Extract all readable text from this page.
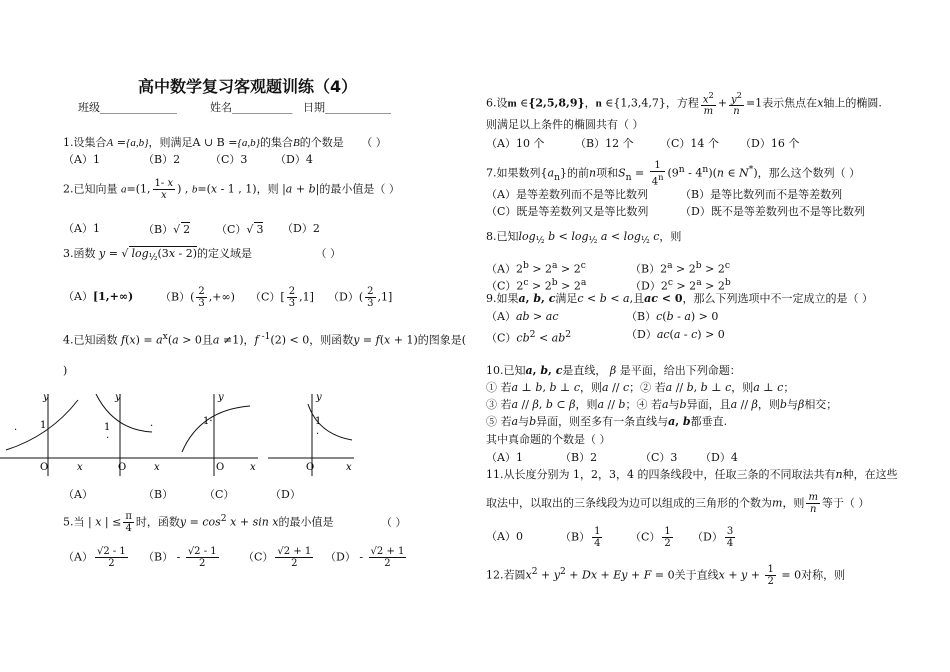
高中数学复习客观题训练（4）
班级______________	姓名___________ 日期____________
1.设集合A ={a,b}，则满足A ∪ B ={a,b}的集合B的个数是 （ ）
（A）1	（B）2	（C）3	（D）4
2.已知向量 a=(1, $\frac{1- x}{x}$ ) , b=(x - 1 , 1)，则 |a + b|的最小值是（ ）
（A）1	（B）√ 2 （C）√ 3 （D）2
3.函数 y = √ $\log_{\frac{1}{2}}(3x - 2)$的定义域是	（ ）
（A）[1,+∞) $(B)( \frac{2}{3}$ ,+∞) $(C)[ \frac{2}{3} ,1]$ $(D)( \frac{2}{3} ,1]$
4.已知函数 $f(x) = a^x(a > 0$且a ≠1)，f $^{-1}$(2) < 0，则函数y = f(x + 1)的图象是(
)
y
x
O
1
.
y
x
O
1
.
.
y
x
O
1·
y
x
O
1
.
（A）	（B）	（C）	（D）
5.当 | x | ≤ $\frac{\pi}{4}$ 时，函数$y = \cos^2 x + \sin x$的最小值是	（ ）
$(A) \frac{√2 - 1}{2} (B) - \frac{√2 - 1}{2} (C) \frac{√2 + 1}{2} (D) - \frac{√2 + 1}{2}$
6.设m ∈{2,5,8,9}，n ∈{1,3,4,7}，方程 $\frac{x^2}{m} + \frac{y^2}{n} =1$表示焦点在x轴上的椭圆.
则满足以上条件的椭圆共有（ ）
（A）10 个	（B）12 个 （C）14 个 （D）16 个
7.如果数列$\{a_n\}$的前n项和$S_n = \frac{1}{4^n} (9^n - 4^n)(n$ ∈ N*)，那么这个数列（ ）
（A）是等差数列而不是等比数列	（B）是等比数列而不是等差数列
（C）既是等差数列又是等比数列	（D）既不是等差数列也不是等比数列
8.已知$\log_{\frac{1}{2}} b < \log_{\frac{1}{2}} a < \log_{\frac{1}{2}} c$，则
$(A)2^b > 2^a > 2^c$	$(B)2^a > 2^b > 2^c$
$(C)2^c > 2^b > 2^a$	$(D)2^c > 2^a > 2^b$
9.如果a, b, c满足c < b < a,且ac < 0，那么下列选项中不一定成立的是（ ）
（A）ab > ac	（B）c(b - a) > 0
$(C)cb^2 < ab^2$	（D）ac(a - c) > 0
10.已知a, b, c是直线， β 是平面，给出下列命题：
① 若a ⊥ b, b ⊥ c，则a // c；② 若a // b, b ⊥ c，则a ⊥ c；
③ 若a // β, b ⊂ β，则a // b；④ 若a与b异面，且a // β，则b与β相交；
⑤ 若a与b异面，则至多有一条直线与a, b都垂直.
其中真命题的个数是（ ）
（A）1	（B）2	（C）3 （D）4
11.从长度分别为 1，2，3，4 的四条线段中，任取三条的不同取法共有n种，在这些
取法中，以取出的三条线段为边可以组成的三角形的个数为m，则 $\frac{m}{n}$ 等于（ ）
（A）0	$(B) \frac{1}{4}$	$(C) \frac{1}{2} (D) \frac{3}{4}$
12.若圆$x^2 + y^2 + Dx + Ey + F = 0$关于直线$x + y + \frac{1}{2} = 0$对称，则
